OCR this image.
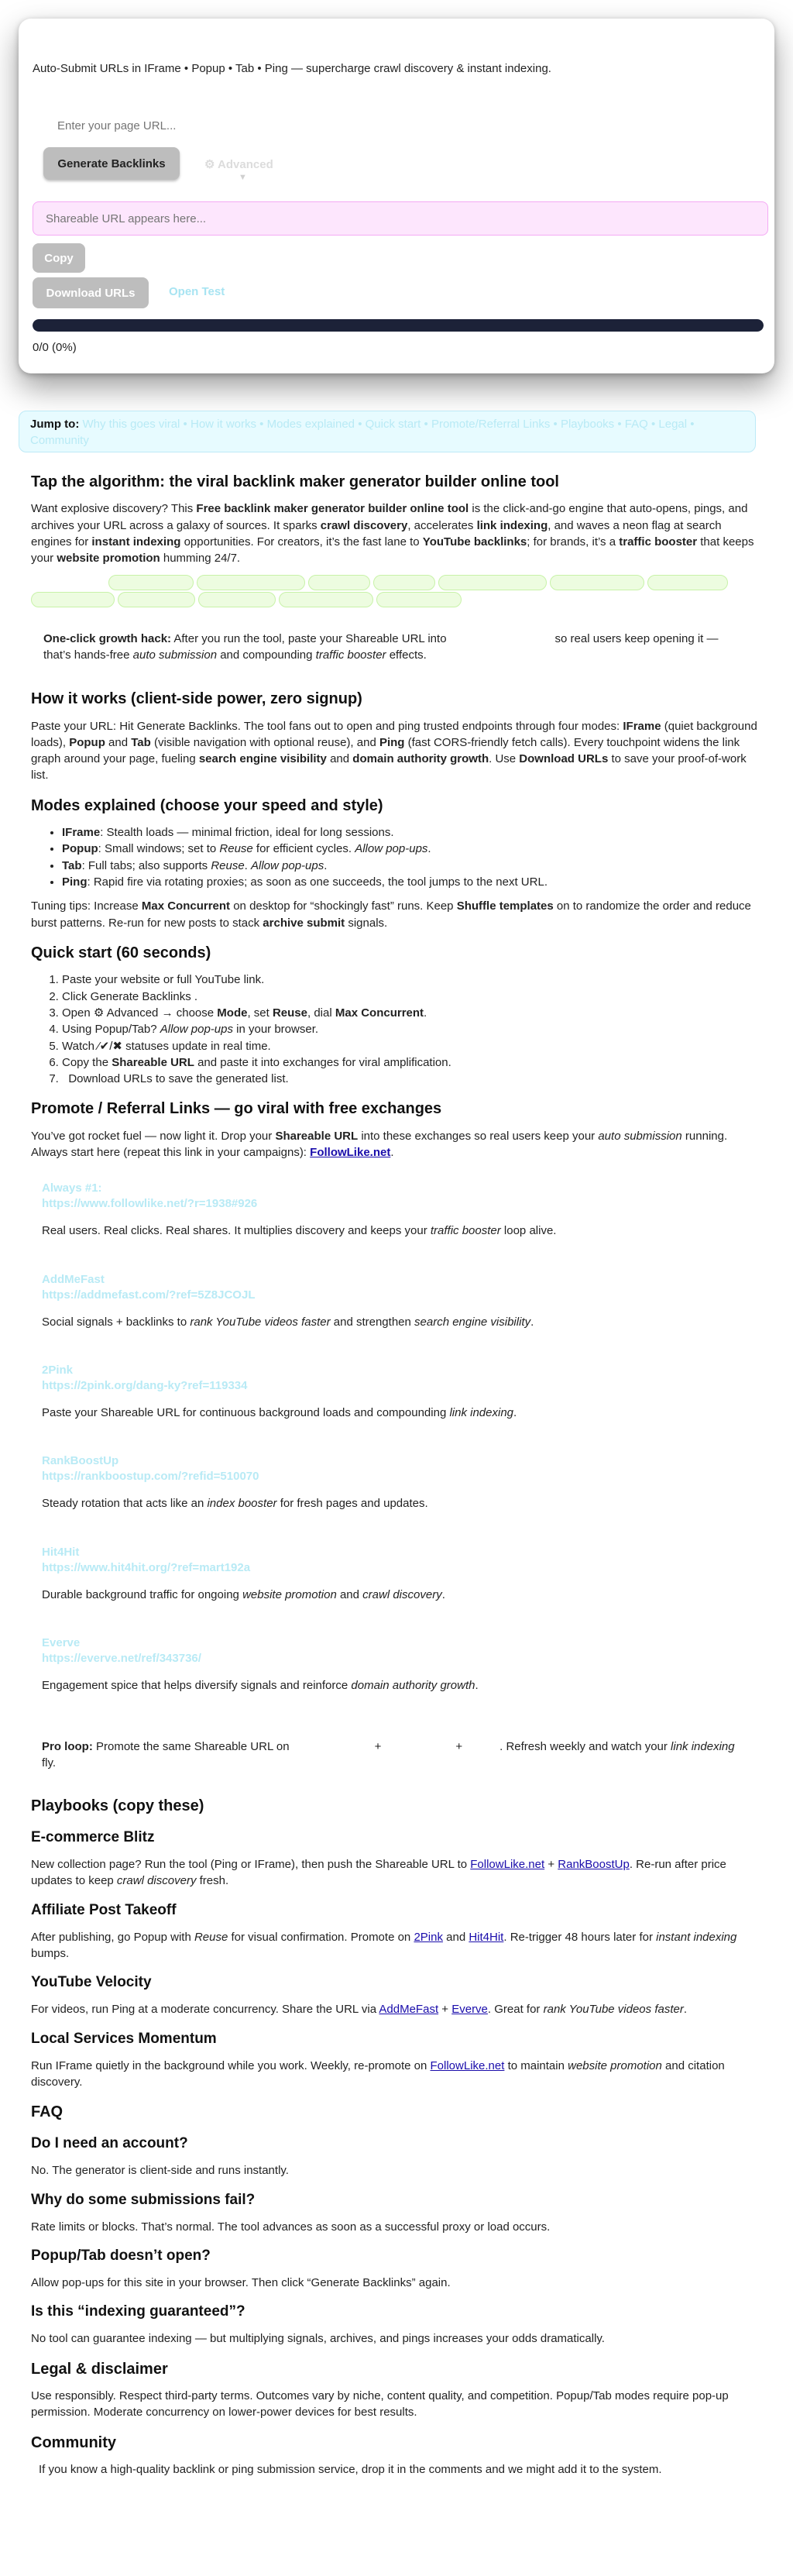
Auto-Submit URLs in IFrame • Popup • Tab • Ping — supercharge crawl discovery & instant indexing.
Enter your page URL...
Generate Backlinks	⚙ Advanced
▼
Shareable URL appears here...
Copy
Download URLs	Open Test
0/0 (0%)
Jump to: Why this goes viral • How it works • Modes explained • Quick start • Promote/Referral Links • Playbooks • FAQ • Legal • Community
Tap the algorithm: the viral backlink maker generator builder online tool

Want explosive discovery? This Free backlink maker generator builder online tool is the click-and-go engine that auto-opens, pings, and archives your URL across a galaxy of sources. It sparks crawl discovery, accelerates link indexing, and waves a neon flag at search engines for instant indexing opportunities. For creators, it’s the fast lane to YouTube backlinks; for brands, it’s a traffic booster that keeps your website promotion humming 24/7.

One-click growth hack: After you run the tool, paste your Shareable URL into	so real users keep opening it — that’s hands-free auto submission and compounding traffic booster effects.
How it works (client-side power, zero signup)

Paste your URL: Hit Generate Backlinks. The tool fans out to open and ping trusted endpoints through four modes: IFrame (quiet background loads), Popup and Tab (visible navigation with optional reuse), and Ping (fast CORS-friendly fetch calls). Every touchpoint widens the link graph around your page, fueling search engine visibility and domain authority growth. Use Download URLs to save your proof-of-work list.

Modes explained (choose your speed and style)
• IFrame: Stealth loads — minimal friction, ideal for long sessions.
• Popup: Small windows; set to Reuse for efficient cycles. Allow pop-ups.
• Tab: Full tabs; also supports Reuse. Allow pop-ups.
• Ping: Rapid fire via rotating proxies; as soon as one succeeds, the tool jumps to the next URL.

Tuning tips: Increase Max Concurrent on desktop for “shockingly fast” runs. Keep Shuffle templates on to randomize the order and reduce burst patterns. Re-run for new posts to stack archive submit signals.

Quick start (60 seconds)
1. Paste your website or full YouTube link.
2. Click Generate Backlinks .
3. Open ⚙ Advanced → choose Mode, set Reuse, dial Max Concurrent.
4. Using Popup/Tab? Allow pop-ups in your browser.
5. Watch ⁄✔/✖ statuses update in real time.
6. Copy the Shareable URL and paste it into exchanges for viral amplification.
7. Download URLs to save the generated list.
Promote / Referral Links — go viral with free exchanges

You’ve got rocket fuel — now light it. Drop your Shareable URL into these exchanges so real users keep your auto submission running. Always start here (repeat this link in your campaigns): FollowLike.net.

Always #1:

https://www.followlike.net/?r=1938#926

Real users. Real clicks. Real shares. It multiplies discovery and keeps your traffic booster loop alive.

AddMeFast

https://addmefast.com/?ref=5Z8JCOJL

Social signals + backlinks to rank YouTube videos faster and strengthen search engine visibility.

2Pink

https://2pink.org/dang-ky?ref=119334

Paste your Shareable URL for continuous background loads and compounding link indexing.

RankBoostUp

https://rankboostup.com/?refid=510070

Steady rotation that acts like an index booster for fresh pages and updates.

Hit4Hit

https://www.hit4hit.org/?ref=mart192a

Durable background traffic for ongoing website promotion and crawl discovery.

Everve

https://everve.net/ref/343736/

Engagement spice that helps diversify signals and reinforce domain authority growth.

Pro loop: Promote the same Shareable URL on	+	+	. Refresh weekly and watch your link indexing fly.
Playbooks (copy these)
E-commerce Blitz

New collection page? Run the tool (Ping or IFrame), then push the Shareable URL to FollowLike.net + RankBoostUp. Re-run after price updates to keep crawl discovery fresh.

Affiliate Post Takeoff

After publishing, go Popup with Reuse for visual confirmation. Promote on 2Pink and Hit4Hit. Re-trigger 48 hours later for instant indexing bumps.

YouTube Velocity

For videos, run Ping at a moderate concurrency. Share the URL via AddMeFast + Everve. Great for rank YouTube videos faster.

Local Services Momentum

Run IFrame quietly in the background while you work. Weekly, re-promote on FollowLike.net to maintain website promotion and citation discovery.

FAQ
Do I need an account?

No. The generator is client-side and runs instantly.

Why do some submissions fail?

Rate limits or blocks. That’s normal. The tool advances as soon as a successful proxy or load occurs.

Popup/Tab doesn’t open?

Allow pop-ups for this site in your browser. Then click “Generate Backlinks” again.

Is this “indexing guaranteed”?

No tool can guarantee indexing — but multiplying signals, archives, and pings increases your odds dramatically.

Legal & disclaimer

Use responsibly. Respect third-party terms. Outcomes vary by niche, content quality, and competition. Popup/Tab modes require pop-up permission. Moderate concurrency on lower-power devices for best results.

Community

If you know a high-quality backlink or ping submission service, drop it in the comments and we might add it to the system.
